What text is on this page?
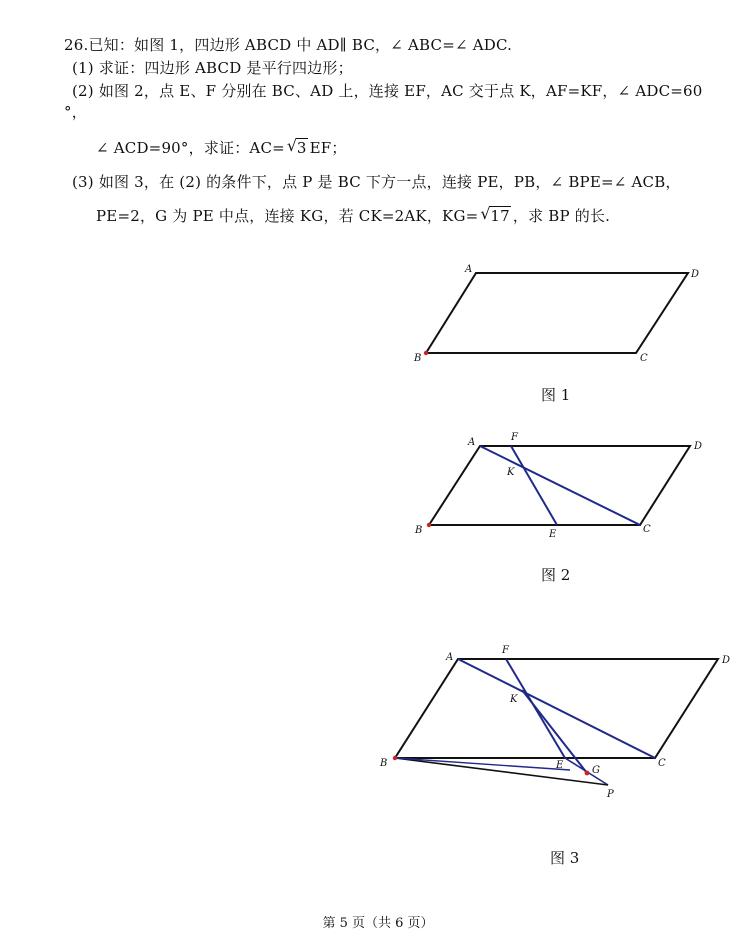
26.已知：如图 1，四边形 ABCD 中 AD∥ BC，∠ ABC=∠ ADC.
(1) 求证：四边形 ABCD 是平行四边形；
(2) 如图 2，点 E、F 分别在 BC、AD 上，连接 EF，AC 交于点 K，AF=KF，∠ ADC=60
°，
∠ ACD=90°，求证：AC= √ 3 EF；
(3) 如图 3，在 (2) 的条件下，点 P 是 BC 下方一点，连接 PE，PB，∠ BPE=∠ ACB，
PE=2，G 为 PE 中点，连接 KG，若 CK=2AK，KG= √ 17 ，求 BP 的长.
A	D
B	C
A	F
D
K
B	E	C
A
F
D
K
B	E	G
C
P
图 1
图 2
图 3
第 5 页（共 6 页）
